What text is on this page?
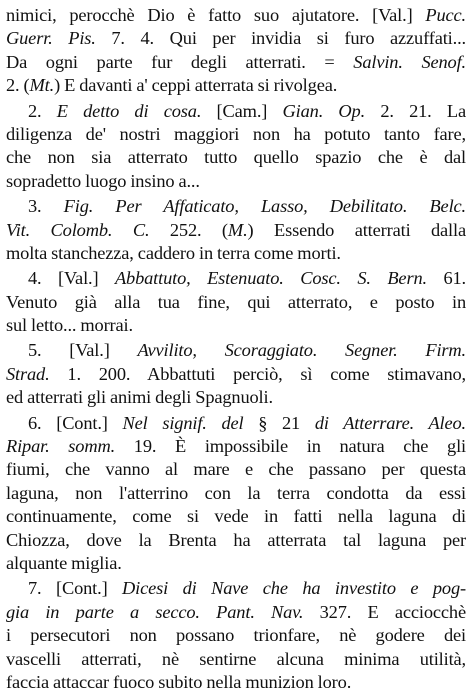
nimici, perocchè Dio è fatto suo ajutatore. [Val.] Pucc.
Guerr. Pis. 7. 4. Qui per invidia si furo azzuffati...
Da ogni parte fur degli atterrati. = Salvin. Senof.
2. (Mt.) E davanti a' ceppi atterrata si rivolgea.
2. E detto di cosa. [Cam.] Gian. Op. 2. 21. La
diligenza de' nostri maggiori non ha potuto tanto fare,
che non sia atterrato tutto quello spazio che è dal
sopradetto luogo insino a...
3. Fig. Per Affaticato, Lasso, Debilitato. Belc.
Vit. Colomb. C. 252. (M.) Essendo atterrati dalla
molta stanchezza, caddero in terra come morti.
4. [Val.] Abbattuto, Estenuato. Cosc. S. Bern. 61.
Venuto già alla tua fine, qui atterrato, e posto in
sul letto... morrai.
5. [Val.] Avvilito, Scoraggiato. Segner. Firm.
Strad. 1. 200. Abbattuti perciò, sì come stimavano,
ed atterrati gli animi degli Spagnuoli.
6. [Cont.] Nel signif. del § 21 di Atterrare. Aleo.
Ripar. somm. 19. È impossibile in natura che gli
fiumi, che vanno al mare e che passano per questa
laguna, non l'atterrino con la terra condotta da essi
continuamente, come si vede in fatti nella laguna di
Chiozza, dove la Brenta ha atterrata tal laguna per
alquante miglia.
7. [Cont.] Dicesi di Nave che ha investito e pog-
gia in parte a secco. Pant. Nav. 327. E acciocchè
i persecutori non possano trionfare, nè godere dei
vascelli atterrati, nè sentirne alcuna minima utilità,
faccia attaccar fuoco subito nella munizion loro.
